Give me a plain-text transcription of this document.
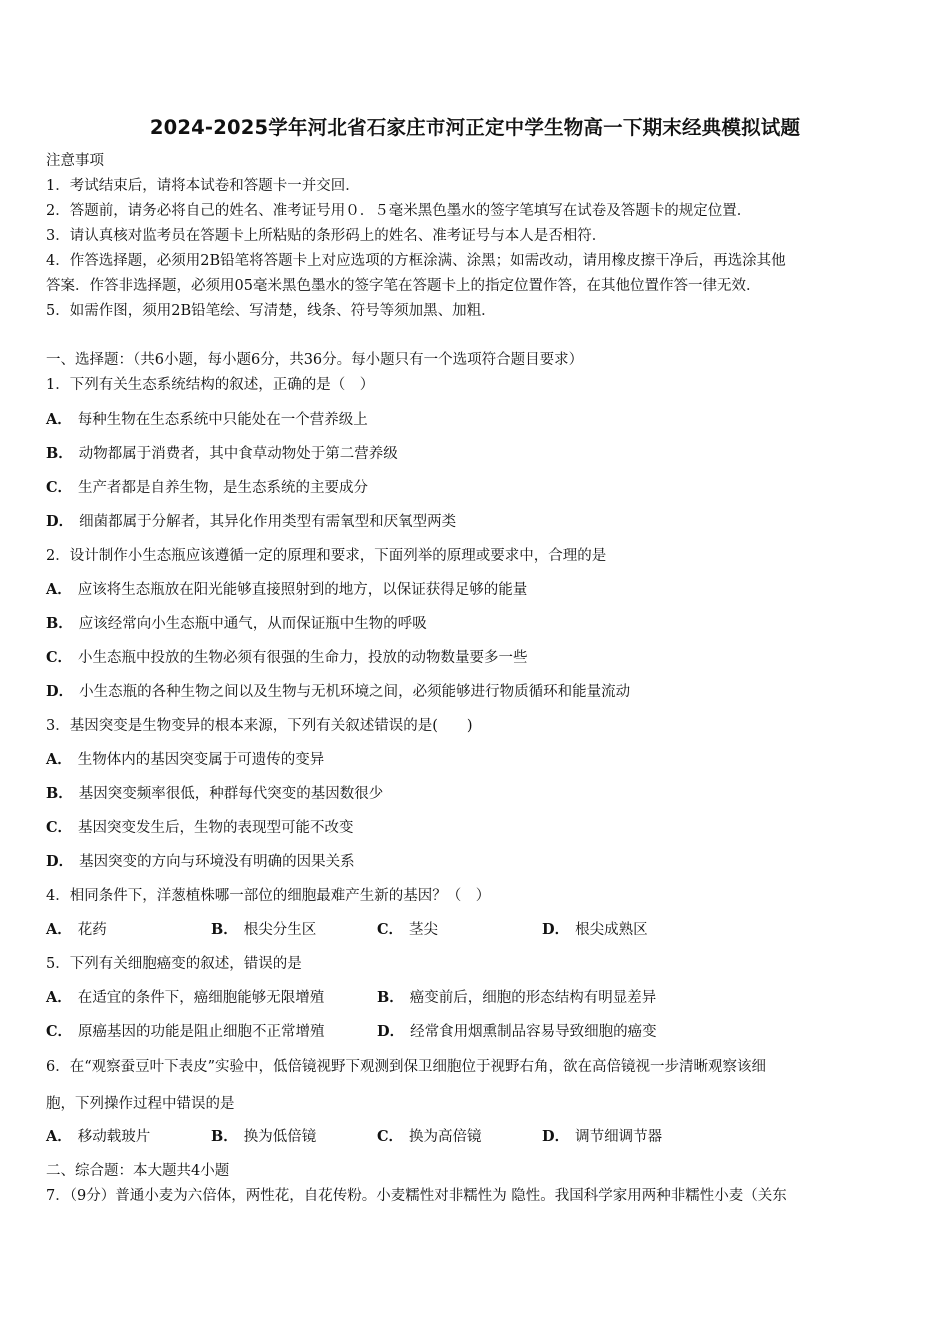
2024-2025学年河北省石家庄市河正定中学生物高一下期末经典模拟试题
注意事项
1．考试结束后，请将本试卷和答题卡一并交回．
2．答题前，请务必将自己的姓名、准考证号用０．５毫米黑色墨水的签字笔填写在试卷及答题卡的规定位置．
3．请认真核对监考员在答题卡上所粘贴的条形码上的姓名、准考证号与本人是否相符．
4．作答选择题，必须用2B铅笔将答题卡上对应选项的方框涂满、涂黑；如需改动，请用橡皮擦干净后，再选涂其他
答案．作答非选择题，必须用05毫米黑色墨水的签字笔在答题卡上的指定位置作答，在其他位置作答一律无效．
5．如需作图，须用2B铅笔绘、写清楚，线条、符号等须加黑、加粗．
一、选择题：（共6小题，每小题6分，共36分。每小题只有一个选项符合题目要求）
1．下列有关生态系统结构的叙述，正确的是（　）
A． 每种生物在生态系统中只能处在一个营养级上
B． 动物都属于消费者，其中食草动物处于第二营养级
C． 生产者都是自养生物，是生态系统的主要成分
D． 细菌都属于分解者，其异化作用类型有需氧型和厌氧型两类
2．设计制作小生态瓶应该遵循一定的原理和要求，下面列举的原理或要求中，合理的是
A． 应该将生态瓶放在阳光能够直接照射到的地方，以保证获得足够的能量
B． 应该经常向小生态瓶中通气，从而保证瓶中生物的呼吸
C． 小生态瓶中投放的生物必须有很强的生命力，投放的动物数量要多一些
D． 小生态瓶的各种生物之间以及生物与无机环境之间，必须能够进行物质循环和能量流动
3．基因突变是生物变异的根本来源，下列有关叙述错误的是(　　)
A． 生物体内的基因突变属于可遗传的变异
B． 基因突变频率很低，种群每代突变的基因数很少
C． 基因突变发生后，生物的表现型可能不改变
D． 基因突变的方向与环境没有明确的因果关系
4．相同条件下，洋葱植株哪一部位的细胞最难产生新的基因？（　）
A． 花药	B． 根尖分生区	C． 茎尖	D． 根尖成熟区
5．下列有关细胞癌变的叙述，错误的是
A． 在适宜的条件下，癌细胞能够无限增殖	B． 癌变前后，细胞的形态结构有明显差异
C． 原癌基因的功能是阻止细胞不正常增殖	D． 经常食用烟熏制品容易导致细胞的癌变
6．在“观察蚕豆叶下表皮”实验中，低倍镜视野下观测到保卫细胞位于视野右角，欲在高倍镜视一步清晰观察该细
胞，下列操作过程中错误的是
A． 移动载玻片	B． 换为低倍镜	C． 换为高倍镜	D． 调节细调节器
二、综合题：本大题共4小题
7．（9分）普通小麦为六倍体，两性花，自花传粉。小麦糯性对非糯性为 隐性。我国科学家用两种非糯性小麦（关东
